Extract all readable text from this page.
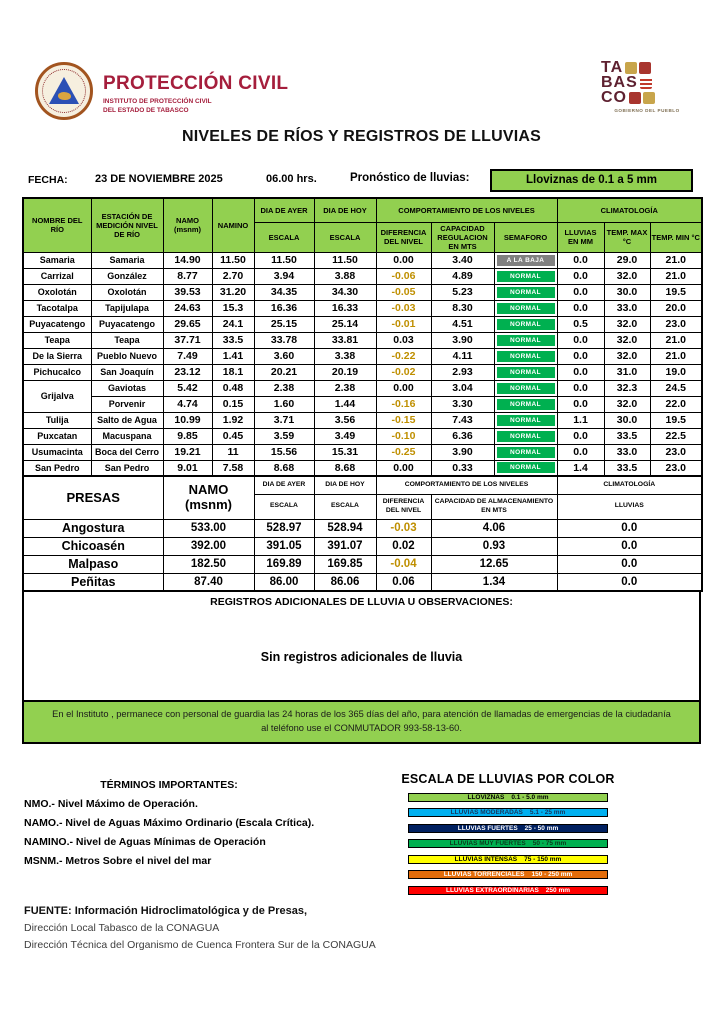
PROTECCIÓN CIVIL
INSTITUTO DE PROTECCIÓN CIVIL
DEL ESTADO DE TABASCO
TA
BAS
CO
GOBIERNO DEL PUEBLO
NIVELES DE RÍOS Y REGISTROS DE LLUVIAS
FECHA: 23 DE NOVIEMBRE 2025	06.00 hrs.	Pronóstico de lluvias:	Lloviznas de 0.1 a 5 mm
NOMBRE DEL RÍO	ESTACIÓN DE MEDICIÓN NIVEL DE RÍO	NAMO (msnm)	NAMINO	DIA DE AYER	DIA DE HOY	COMPORTAMIENTO DE LOS NIVELES			CLIMATOLOGÍA		
				ESCALA	ESCALA	DIFERENCIA DEL NIVEL	CAPACIDAD REGULACION EN MTS	SEMAFORO	LLUVIAS EN MM	TEMP. MAX °C	TEMP. MIN °C
Samaria	Samaria	14.90	11.50	11.50	11.50	0.00	3.40	A LA BAJA	0.0	29.0	21.0
Carrizal	González	8.77	2.70	3.94	3.88	-0.06	4.89	NORMAL	0.0	32.0	21.0
Oxolotán	Oxolotán	39.53	31.20	34.35	34.30	-0.05	5.23	NORMAL	0.0	30.0	19.5
Tacotalpa	Tapijulapa	24.63	15.3	16.36	16.33	-0.03	8.30	NORMAL	0.0	33.0	20.0
Puyacatengo	Puyacatengo	29.65	24.1	25.15	25.14	-0.01	4.51	NORMAL	0.5	32.0	23.0
Teapa	Teapa	37.71	33.5	33.78	33.81	0.03	3.90	NORMAL	0.0	32.0	21.0
De la Sierra	Pueblo Nuevo	7.49	1.41	3.60	3.38	-0.22	4.11	NORMAL	0.0	32.0	21.0
Pichucalco	San Joaquín	23.12	18.1	20.21	20.19	-0.02	2.93	NORMAL	0.0	31.0	19.0
Grijalva	Gaviotas	5.42	0.48	2.38	2.38	0.00	3.04	NORMAL	0.0	32.3	24.5
	Porvenir	4.74	0.15	1.60	1.44	-0.16	3.30	NORMAL	0.0	32.0	22.0
Tulija	Salto de Agua	10.99	1.92	3.71	3.56	-0.15	7.43	NORMAL	1.1	30.0	19.5
Puxcatan	Macuspana	9.85	0.45	3.59	3.49	-0.10	6.36	NORMAL	0.0	33.5	22.5
Usumacinta	Boca del Cerro	19.21	11	15.56	15.31	-0.25	3.90	NORMAL	0.0	33.0	23.0
San Pedro	San Pedro	9.01	7.58	8.68	8.68	0.00	0.33	NORMAL	1.4	33.5	23.0
PRESAS	NAMO (msnm)	DIA DE AYER	DIA DE HOY	COMPORTAMIENTO DE LOS NIVELES		CLIMATOLOGÍA
		ESCALA	ESCALA	DIFERENCIA DEL NIVEL	CAPACIDAD DE ALMACENAMIENTO EN MTS	LLUVIAS
Angostura	533.00	528.97	528.94	-0.03	4.06	0.0
Chicoasén	392.00	391.05	391.07	0.02	0.93	0.0
Malpaso	182.50	169.89	169.85	-0.04	12.65	0.0
Peñitas	87.40	86.00	86.06	0.06	1.34	0.0
REGISTROS ADICIONALES DE LLUVIA U OBSERVACIONES:
Sin registros adicionales de lluvia
En el Instituto , permanece con personal de guardia las 24 horas de los 365 días del año, para atención de llamadas de emergencias de la ciudadanía al teléfono use el CONMUTADOR 993-58-13-60.
TÉRMINOS IMPORTANTES:
NMO.- Nivel Máximo de Operación.
NAMO.- Nivel de Aguas Máximo Ordinario (Escala Crítica).
NAMINO.- Nivel de Aguas Mínimas de Operación
MSNM.- Metros Sobre el nivel del mar
ESCALA DE LLUVIAS POR COLOR
LLOVIZNAS 0.1 - 5.0 mm
LLUVIAS MODERADAS 5.1 - 25 mm
LLUVIAS FUERTES 25 - 50 mm
LLUVIAS MUY FUERTES 50 - 75 mm
LLUVIAS INTENSAS 75 - 150 mm
LLUVIAS TORRENCIALES 150 - 250 mm
LLUVIAS EXTRAORDINARIAS 250 mm
FUENTE: Información Hidroclimatológica y de Presas,
Dirección Local Tabasco de la CONAGUA
Dirección Técnica del Organismo de Cuenca Frontera Sur de la CONAGUA
